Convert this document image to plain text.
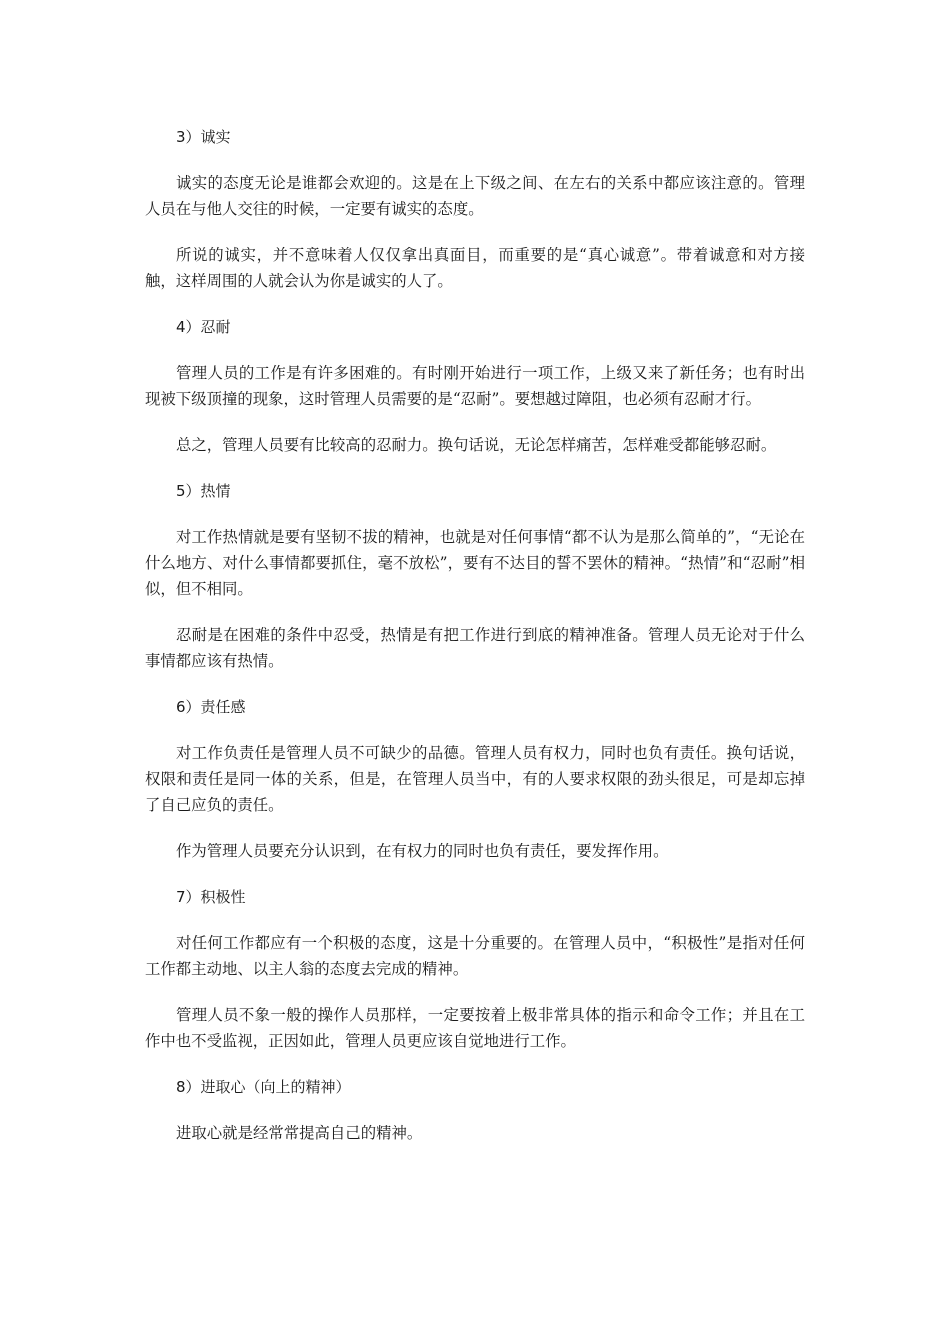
3）诚实

诚实的态度无论是谁都会欢迎的。这是在上下级之间、在左右的关系中都应该注意的。管理人员在与他人交往的时候，一定要有诚实的态度。

所说的诚实，并不意味着人仅仅拿出真面目，而重要的是“真心诚意”。带着诚意和对方接触，这样周围的人就会认为你是诚实的人了。

4）忍耐

管理人员的工作是有许多困难的。有时刚开始进行一项工作，上级又来了新任务；也有时出现被下级顶撞的现象，这时管理人员需要的是“忍耐”。要想越过障阻，也必须有忍耐才行。

总之，管理人员要有比较高的忍耐力。换句话说，无论怎样痛苦，怎样难受都能够忍耐。

5）热情

对工作热情就是要有坚韧不拔的精神，也就是对任何事情“都不认为是那么简单的”，“无论在什么地方、对什么事情都要抓住，毫不放松”，要有不达目的誓不罢休的精神。“热情”和“忍耐”相似，但不相同。

忍耐是在困难的条件中忍受，热情是有把工作进行到底的精神准备。管理人员无论对于什么事情都应该有热情。

6）责任感

对工作负责任是管理人员不可缺少的品德。管理人员有权力，同时也负有责任。换句话说，权限和责任是同一体的关系，但是，在管理人员当中，有的人要求权限的劲头很足，可是却忘掉了自己应负的责任。

作为管理人员要充分认识到，在有权力的同时也负有责任，要发挥作用。

7）积极性

对任何工作都应有一个积极的态度，这是十分重要的。在管理人员中，“积极性”是指对任何工作都主动地、以主人翁的态度去完成的精神。

管理人员不象一般的操作人员那样，一定要按着上极非常具体的指示和命令工作；并且在工作中也不受监视，正因如此，管理人员更应该自觉地进行工作。

8）进取心（向上的精神）

进取心就是经常常提高自己的精神。
